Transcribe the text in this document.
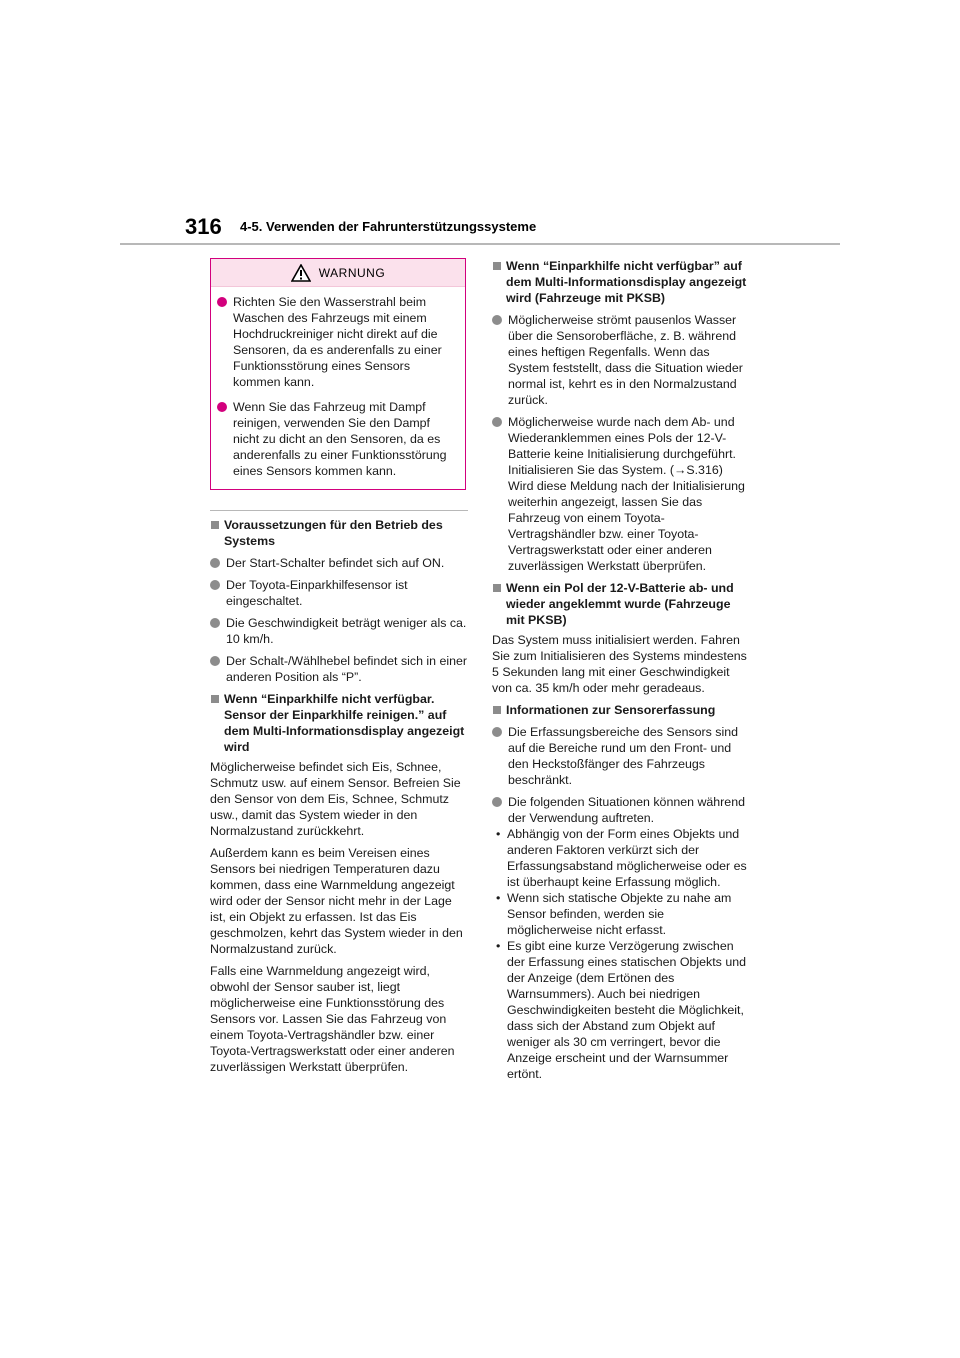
316 4-5. Verwenden der Fahrunterstützungssysteme
WARNUNG
Richten Sie den Wasserstrahl beim Waschen des Fahrzeugs mit einem Hochdruckreiniger nicht direkt auf die Sensoren, da es anderenfalls zu einer Funktionsstörung eines Sensors kommen kann.
Wenn Sie das Fahrzeug mit Dampf reinigen, verwenden Sie den Dampf nicht zu dicht an den Sensoren, da es anderenfalls zu einer Funktionsstörung eines Sensors kommen kann.
Voraussetzungen für den Betrieb des Systems
Der Start-Schalter befindet sich auf ON.
Der Toyota-Einparkhilfesensor ist eingeschaltet.
Die Geschwindigkeit beträgt weniger als ca. 10 km/h.
Der Schalt-/Wählhebel befindet sich in einer anderen Position als “P”.
Wenn “Einparkhilfe nicht verfügbar. Sensor der Einparkhilfe reinigen.” auf dem Multi-Informationsdisplay angezeigt wird

Möglicherweise befindet sich Eis, Schnee, Schmutz usw. auf einem Sensor. Befreien Sie den Sensor von dem Eis, Schnee, Schmutz usw., damit das System wieder in den Normalzustand zurückkehrt.

Außerdem kann es beim Vereisen eines Sensors bei niedrigen Temperaturen dazu kommen, dass eine Warnmeldung angezeigt wird oder der Sensor nicht mehr in der Lage ist, ein Objekt zu erfassen. Ist das Eis geschmolzen, kehrt das System wieder in den Normalzustand zurück.

Falls eine Warnmeldung angezeigt wird, obwohl der Sensor sauber ist, liegt möglicherweise eine Funktionsstörung des Sensors vor. Lassen Sie das Fahrzeug von einem Toyota-Vertragshändler bzw. einer Toyota-Vertragswerkstatt oder einer anderen zuverlässigen Werkstatt überprüfen.

Wenn “Einparkhilfe nicht verfügbar” auf dem Multi-Informationsdisplay angezeigt wird (Fahrzeuge mit PKSB)
Möglicherweise strömt pausenlos Wasser über die Sensoroberfläche, z. B. während eines heftigen Regenfalls. Wenn das System feststellt, dass die Situation wieder normal ist, kehrt es in den Normalzustand zurück.
Möglicherweise wurde nach dem Ab- und Wiederanklemmen eines Pols der 12-V-Batterie keine Initialisierung durchgeführt. Initialisieren Sie das System. (→S.316) Wird diese Meldung nach der Initialisierung weiterhin angezeigt, lassen Sie das Fahrzeug von einem Toyota-Vertragshändler bzw. einer Toyota-Vertragswerkstatt oder einer anderen zuverlässigen Werkstatt überprüfen.
Wenn ein Pol der 12-V-Batterie ab- und wieder angeklemmt wurde (Fahrzeuge mit PKSB)

Das System muss initialisiert werden. Fahren Sie zum Initialisieren des Systems mindestens 5 Sekunden lang mit einer Geschwindigkeit von ca. 35 km/h oder mehr geradeaus.

Informationen zur Sensorerfassung
Die Erfassungsbereiche des Sensors sind auf die Bereiche rund um den Front- und den Heckstoßfänger des Fahrzeugs beschränkt.
Die folgenden Situationen können während der Verwendung auftreten.
• Abhängig von der Form eines Objekts und anderen Faktoren verkürzt sich der Erfassungsabstand möglicherweise oder es ist überhaupt keine Erfassung möglich.
• Wenn sich statische Objekte zu nahe am Sensor befinden, werden sie möglicherweise nicht erfasst.
• Es gibt eine kurze Verzögerung zwischen der Erfassung eines statischen Objekts und der Anzeige (dem Ertönen des Warnsummers). Auch bei niedrigen Geschwindigkeiten besteht die Möglichkeit, dass sich der Abstand zum Objekt auf weniger als 30 cm verringert, bevor die Anzeige erscheint und der Warnsummer ertönt.
